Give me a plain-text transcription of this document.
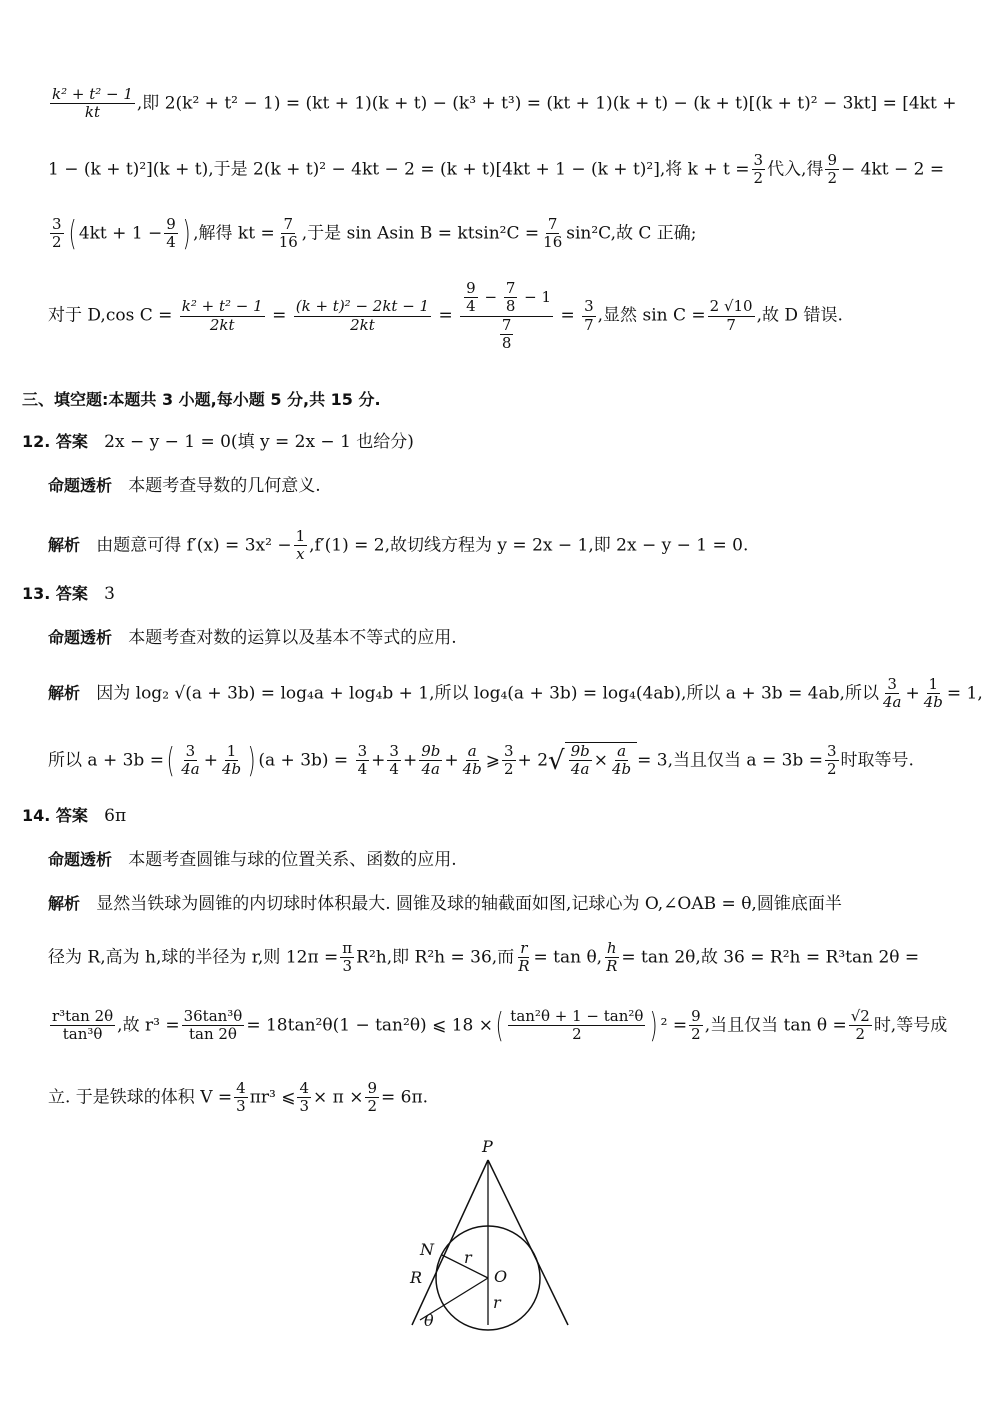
$\frac{\text{k² + t² − 1}}{kt}$ ,即 2(k² + t² − 1) = (kt + 1)(k + t) − (k³ + t³) = (kt + 1)(k + t) − (k + t)[(k + t)² − 3kt] = [4kt +
1 − (k + t)²](k + t),于是 2(k + t)² − 4kt − 2 = (k + t)[4kt + 1 − (k + t)²],将 $k + t = \frac{3}{2}$ 代入,得 $\frac{9}{2} - 4kt - 2$ =
$\frac{3}{2}$ ( $4kt + 1 - \frac{9}{4}$ ) ,解得 kt = $\frac{7}{16}$ ,于是 sin Asin $B = ktsin^2C = \frac{7}{16} \sin^2C$,故 C 正确;
对于 D,cos $C = \frac{\text{k² + t² − 1}}{2kt} = \frac{\text{(k + t)² − 2kt − 1}}{2kt} = \frac{\frac{9}{4} - \frac{7}{8} - 1}{\frac{7}{8}} = \frac{3}{7}$ ,显然 $\sin C = \frac{2 √10}{7}$ ,故 D 错误.
三、填空题:本题共 3 小题,每小题 5 分,共 15 分.
12. 答案 2x − y − 1 = 0(填 y = 2x − 1 也给分)
命题透析 本题考查导数的几何意义.
解析 由题意可得 $f'(x) = 3x^2 - \frac{1}{x} ,f'(1) = 2$,故切线方程为 y = 2x − 1,即 2x − y − 1 = 0.
13. 答案 3
命题透析 本题考查对数的运算以及基本不等式的应用.
解析 因为 log₂ √(a + 3b) = log₄a + log₄b + 1,所以 log₄(a + 3b) = log₄(4ab),所以 a + 3b = 4ab,所以 $\frac{3}{4a} + \frac{1}{4b} = 1$,
所以 a + 3b =( $\frac{3}{4a} + \frac{1}{4b}$ ) $(a + 3b) = \frac{3}{4} + \frac{3}{4} + \frac{9b}{4a} + \frac{a}{4b}$ ⩾ $\frac{3}{2} + 2√ \frac{9b}{4a} \times \frac{a}{4b} = 3$,当且仅当 $a = 3b = \frac{3}{2}$ 时取等号.
14. 答案 6π
命题透析 本题考查圆锥与球的位置关系、函数的应用.
解析 显然当铁球为圆锥的内切球时体积最大. 圆锥及球的轴截面如图,记球心为 O,∠OAB = θ,圆锥底面半
径为 R,高为 h,球的半径为 r,则 $12\pi = \frac{\pi}{3} R^2h$,即 R²h = 36,而 $\frac{r}{R} = \tan \theta$, $\frac{h}{R} = \tan 2\theta$,故 36 = R²h = R³tan 2θ =
$\frac{\text{r³tan 2θ}}{\text{tan³θ}}$ ,故 $r^3 = \frac{\text{36tan³θ}}{\tan 2\theta} = 18\tan^2\theta(1 - \tan^2\theta)$ ⩽ 18 ×( $\frac{\text{tan²θ + 1 − tan²θ}}{2}$ ) $^2 = \frac{9}{2}$ ,当且仅当 $\tan \theta = \frac{√2}{2}$ 时,等号成
立. 于是铁球的体积 $V = \frac{4}{3} \pi r^3$ ⩽ $\frac{4}{3} \times \pi \times \frac{9}{2} = 6\pi$.
P
N
R	O
r
r
θ
